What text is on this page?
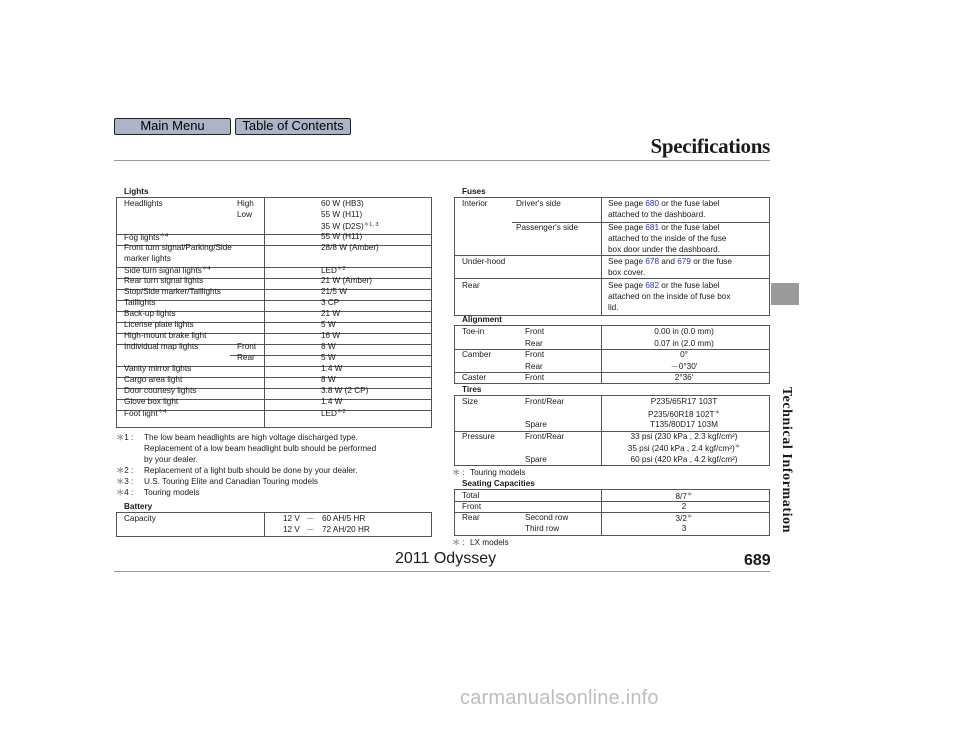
Main Menu	Table of Contents
Specifications
Technical Information
Lights
Headlights	High	60 W (HB3)
Low	55 W (H11)
35 W $(D2S)^{*1, 3}$
Fog lights$^{*4}$	55 W (H11)
Front turn signal/Parking/Side	28/8 W (Amber)
marker lights
Side turn signal lights$^{*4}$	$LED^{*2}$
Rear turn signal lights	21 W (Amber)
Stop/Side marker/Taillights	21/5 W
Taillights	3 CP
Back-up lights	21 W
License plate lights	5 W
High-mount brake light	16 W
Individual map lights	Front	8 W
Rear	5 W
Vanity mirror lights	1.4 W
Cargo area light	8 W
Door courtesy lights	3.8 W (2 CP)
Glove box light	1.4 W
Foot light$^{*4}$	$LED^{*2}$
＊1 : The low beam headlights are high voltage discharged type.
Replacement of a low beam headlight bulb should be performed
by your dealer.
＊2 : Replacement of a light bulb should be done by your dealer.
＊3 : U.S. Touring Elite and Canadian Touring models
＊4 : Touring models
Battery
Capacity	12 V － 60 AH/5 HR
12 V － 72 AH/20 HR
Fuses
Interior	Driver's side	See page 680 or the fuse label
attached to the dashboard.
Passenger's side	See page 681 or the fuse label
attached to the inside of the fuse
box door under the dashboard.
Under-hood	See page 678 and 679 or the fuse
box cover.
Rear	See page 682 or the fuse label
attached on the inside of fuse box
lid.
Alignment
Toe-in	Front	0.00 in (0.0 mm)
Rear	0.07 in (2.0 mm)
Camber	Front	0°
Rear	－0°30′
Caster	Front	2°36′
Tires
Size	Front/Rear	P235/65R17 103T
P235/60R18 102T＊
Spare	T135/80D17 103M
Pressure	Front/Rear	33 psi (230 kPa , 2.3 kgf/cm²)
35 psi (240 kPa , 2.4 kgf/cm²)＊
Spare	60 psi (420 kPa , 4.2 kgf/cm²)
＊ : Touring models
Seating Capacities
Total	8/7＊
Front	2
Rear	Second row	3/2＊
Third row	3
＊ : LX models
2011 Odyssey	689
carmanualsonline.info
